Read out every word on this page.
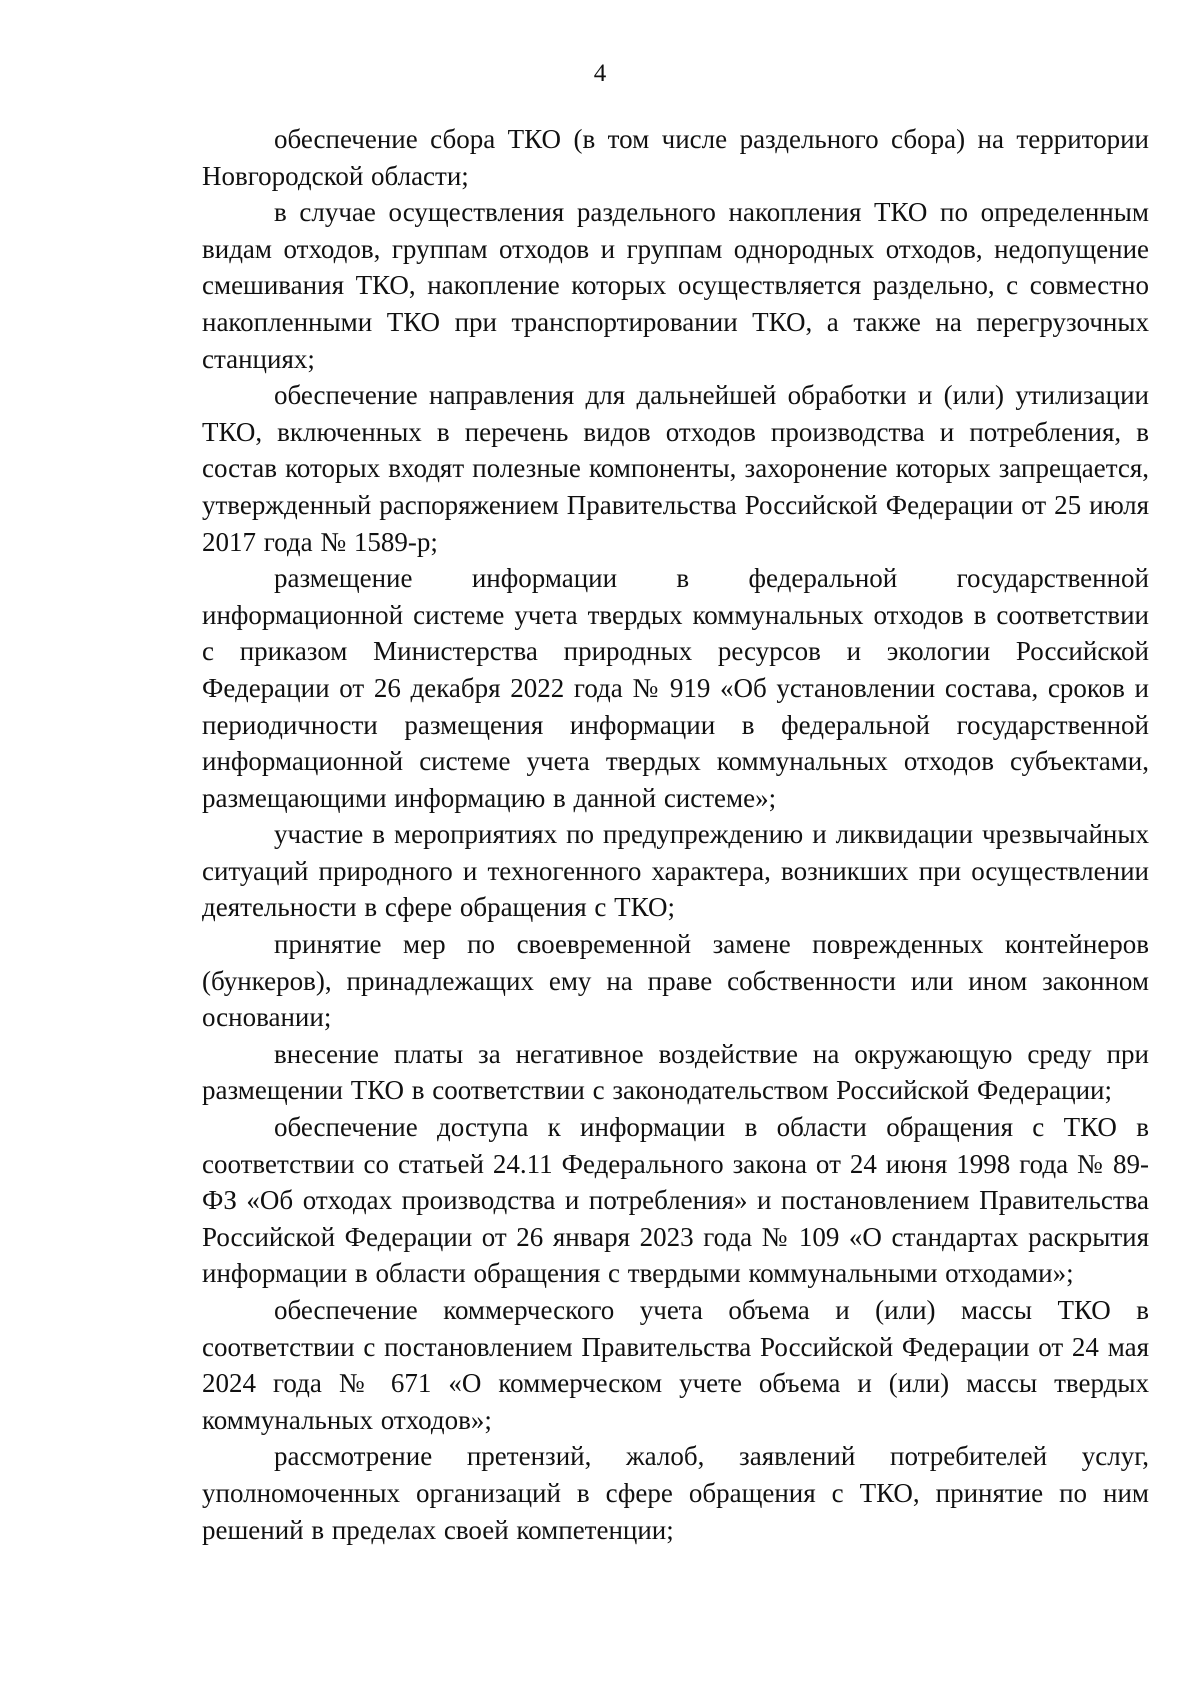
4

обеспечение сбора ТКО (в том числе раздельного сбора) на территории Новгородской области;

в случае осуществления раздельного накопления ТКО по определенным видам отходов, группам отходов и группам однородных отходов, недопущение смешивания ТКО, накопление которых осуществляется раздельно, с совместно накопленными ТКО при транспортировании ТКО, а также на перегрузочных станциях;

обеспечение направления для дальнейшей обработки и (или) утилизации ТКО, включенных в перечень видов отходов производства и потребления, в состав которых входят полезные компоненты, захоронение которых запрещается, утвержденный распоряжением Правительства Российской Федерации от 25 июля 2017 года № 1589-р;

размещение информации в федеральной государственной информационной системе учета твердых коммунальных отходов в соответствии с приказом Министерства природных ресурсов и экологии Российской Федерации от 26 декабря 2022 года № 919 «Об установлении состава, сроков и периодичности размещения информации в федеральной государственной информационной системе учета твердых коммунальных отходов субъектами, размещающими информацию в данной системе»;

участие в мероприятиях по предупреждению и ликвидации чрезвычайных ситуаций природного и техногенного характера, возникших при осуществлении деятельности в сфере обращения с ТКО;

принятие мер по своевременной замене поврежденных контейнеров (бункеров), принадлежащих ему на праве собственности или ином законном основании;

внесение платы за негативное воздействие на окружающую среду при размещении ТКО в соответствии с законодательством Российской Федерации;

обеспечение доступа к информации в области обращения с ТКО в соответствии со статьей 24.11 Федерального закона от 24 июня 1998 года № 89-ФЗ «Об отходах производства и потребления» и постановлением Правительства Российской Федерации от 26 января 2023 года № 109 «О стандартах раскрытия информации в области обращения с твердыми коммунальными отходами»;

обеспечение коммерческого учета объема и (или) массы ТКО в соответствии с постановлением Правительства Российской Федерации от 24 мая 2024 года № 671 «О коммерческом учете объема и (или) массы твердых коммунальных отходов»;

рассмотрение претензий, жалоб, заявлений потребителей услуг, уполномоченных организаций в сфере обращения с ТКО, принятие по ним решений в пределах своей компетенции;
